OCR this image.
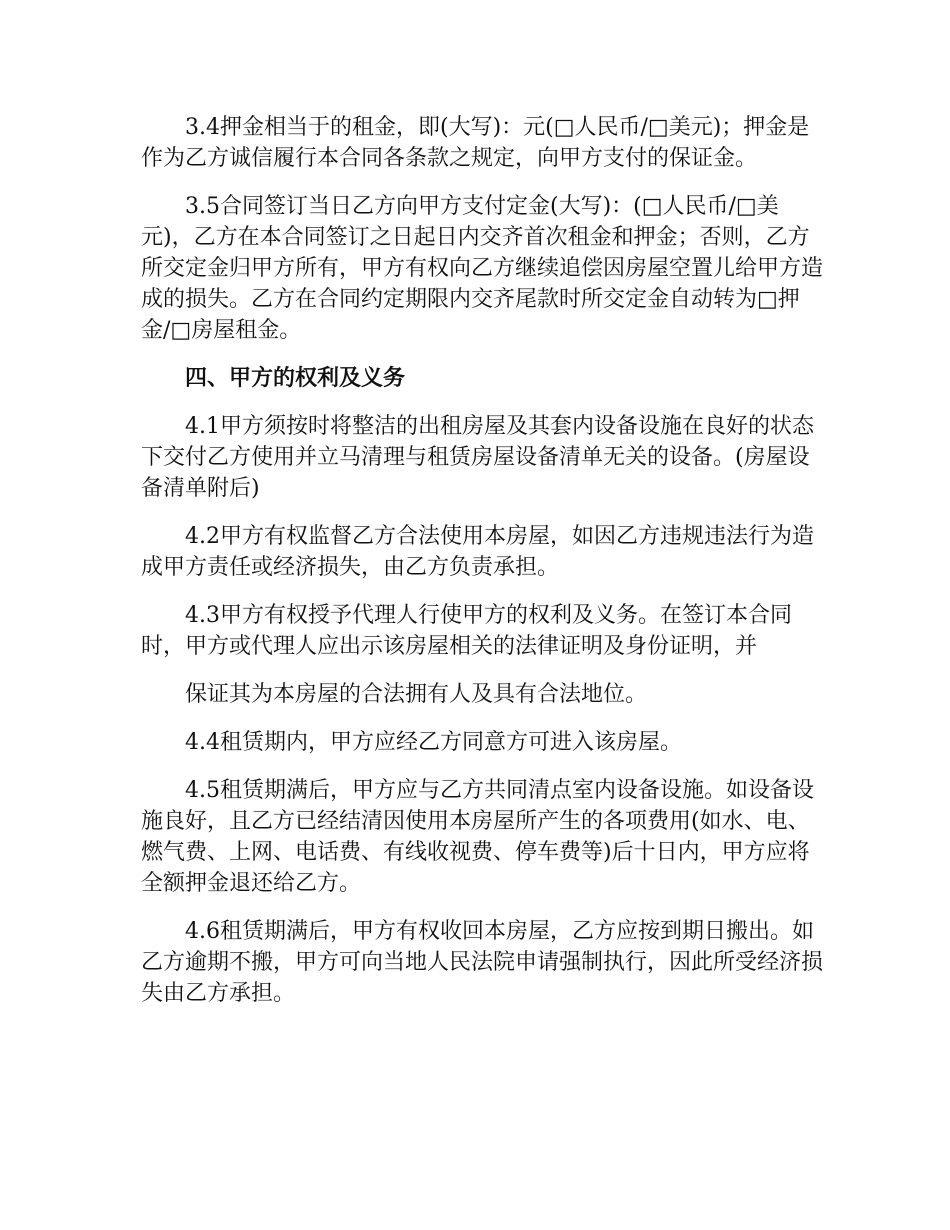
3.4押金相当于的租金，即(大写)：元(□人民币/□美元)；押金是作为乙方诚信履行本合同各条款之规定，向甲方支付的保证金。

3.5合同签订当日乙方向甲方支付定金(大写)：(□人民币/□美元)，乙方在本合同签订之日起日内交齐首次租金和押金；否则，乙方所交定金归甲方所有，甲方有权向乙方继续追偿因房屋空置儿给甲方造成的损失。乙方在合同约定期限内交齐尾款时所交定金自动转为□押金/□房屋租金。

四、甲方的权利及义务

4.1甲方须按时将整洁的出租房屋及其套内设备设施在良好的状态下交付乙方使用并立马清理与租赁房屋设备清单无关的设备。(房屋设备清单附后)

4.2甲方有权监督乙方合法使用本房屋，如因乙方违规违法行为造成甲方责任或经济损失，由乙方负责承担。

4.3甲方有权授予代理人行使甲方的权利及义务。在签订本合同时，甲方或代理人应出示该房屋相关的法律证明及身份证明，并

保证其为本房屋的合法拥有人及具有合法地位。

4.4租赁期内，甲方应经乙方同意方可进入该房屋。

4.5租赁期满后，甲方应与乙方共同清点室内设备设施。如设备设施良好，且乙方已经结清因使用本房屋所产生的各项费用(如水、电、燃气费、上网、电话费、有线收视费、停车费等)后十日内，甲方应将全额押金退还给乙方。

4.6租赁期满后，甲方有权收回本房屋，乙方应按到期日搬出。如乙方逾期不搬，甲方可向当地人民法院申请强制执行，因此所受经济损失由乙方承担。
